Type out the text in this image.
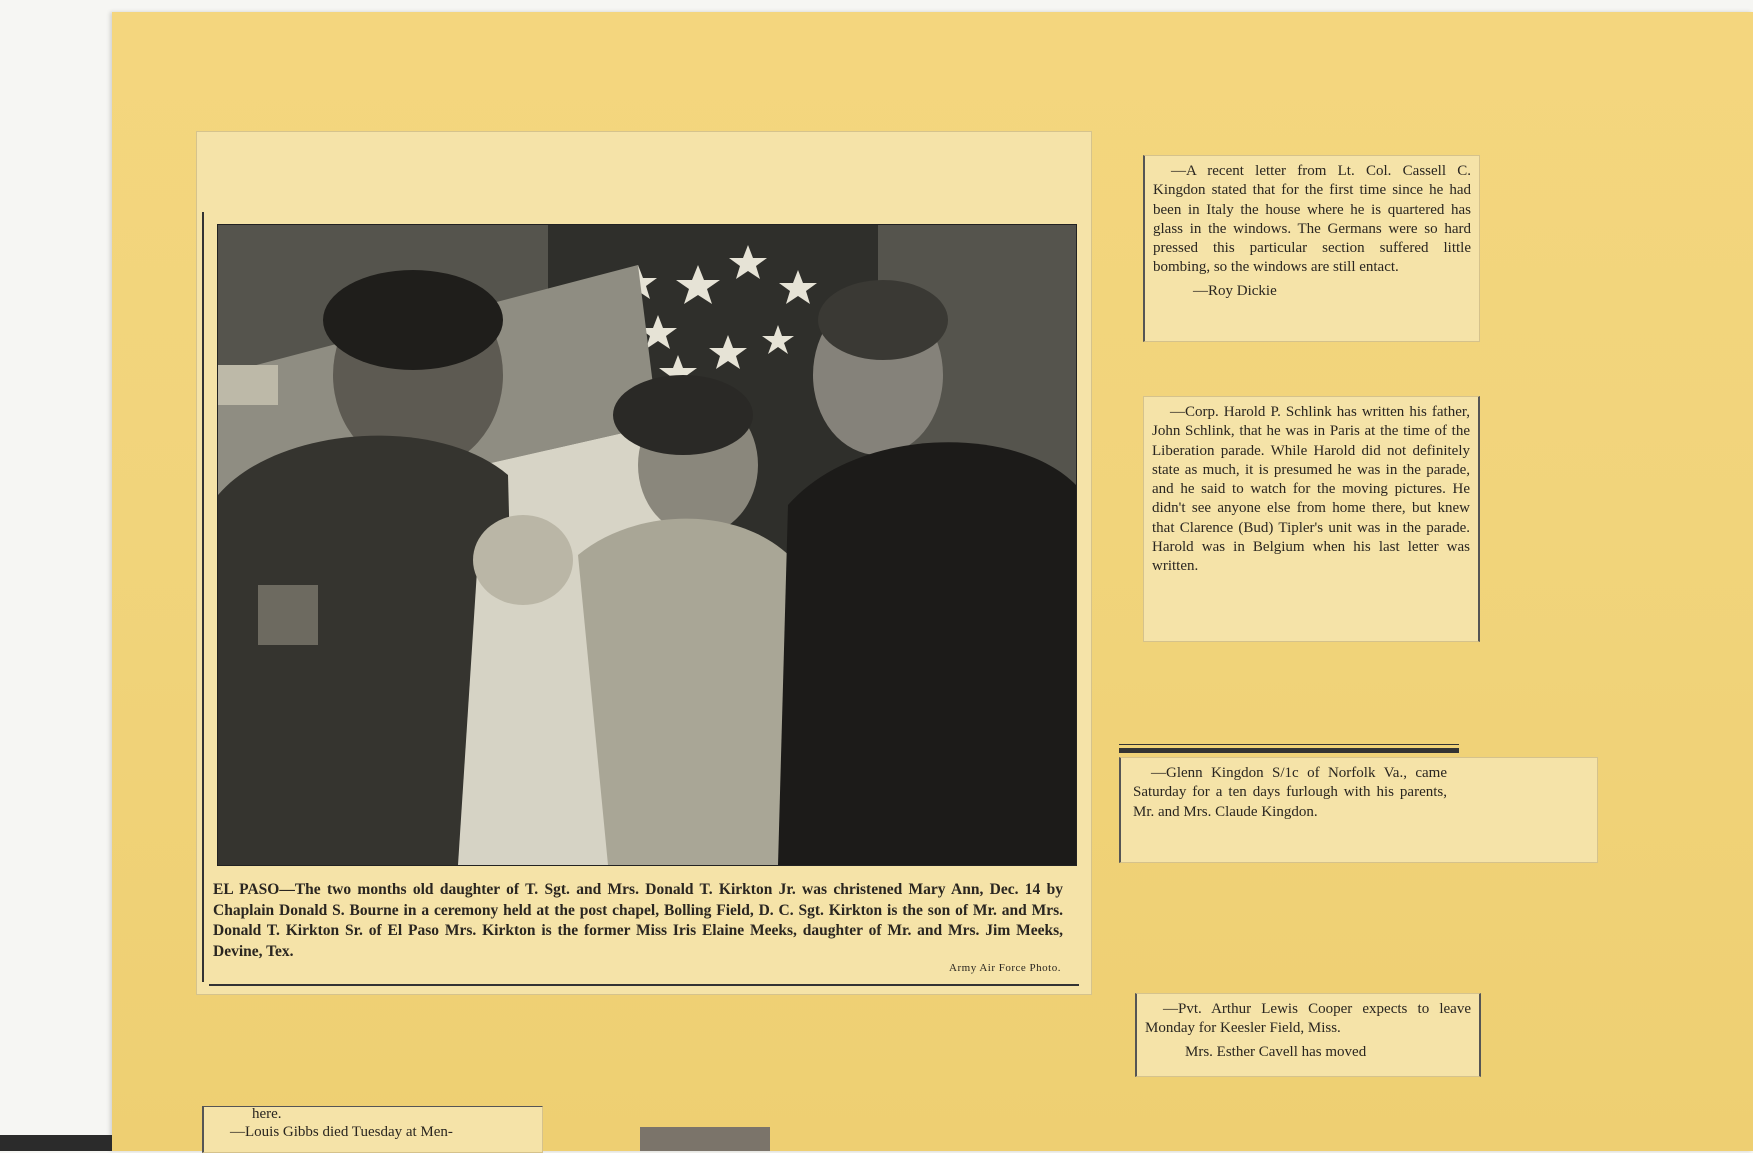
EL PASO—The two months old daughter of T. Sgt. and Mrs. Donald T. Kirkton Jr. was christened Mary Ann, Dec. 14 by Chaplain Donald S. Bourne in a ceremony held at the post chapel, Bolling Field, D. C. Sgt. Kirkton is the son of Mr. and Mrs. Donald T. Kirkton Sr. of El Paso Mrs. Kirkton is the former Miss Iris Elaine Meeks, daughter of Mr. and Mrs. Jim Meeks, Devine, Tex.
Army Air Force Photo.
—A recent letter from Lt. Col. Cassell C. Kingdon stated that for the first time since he had been in Italy the house where he is quartered has glass in the windows. The Germans were so hard pressed this particular section suffered little bombing, so the windows are still entact.
—Roy Dickie
—Corp. Harold P. Schlink has written his father, John Schlink, that he was in Paris at the time of the Liberation parade. While Harold did not definitely state as much, it is presumed he was in the parade, and he said to watch for the moving pictures. He didn't see anyone else from home there, but knew that Clarence (Bud) Tipler's unit was in the parade. Harold was in Belgium when his last letter was written.
—Glenn Kingdon S/1c of Norfolk Va., came Saturday for a ten days furlough with his parents, Mr. and Mrs. Claude Kingdon.
—Pvt. Arthur Lewis Cooper expects to leave Monday for Keesler Field, Miss.
Mrs. Esther Cavell has moved
here.
—Louis Gibbs died Tuesday at Men-
